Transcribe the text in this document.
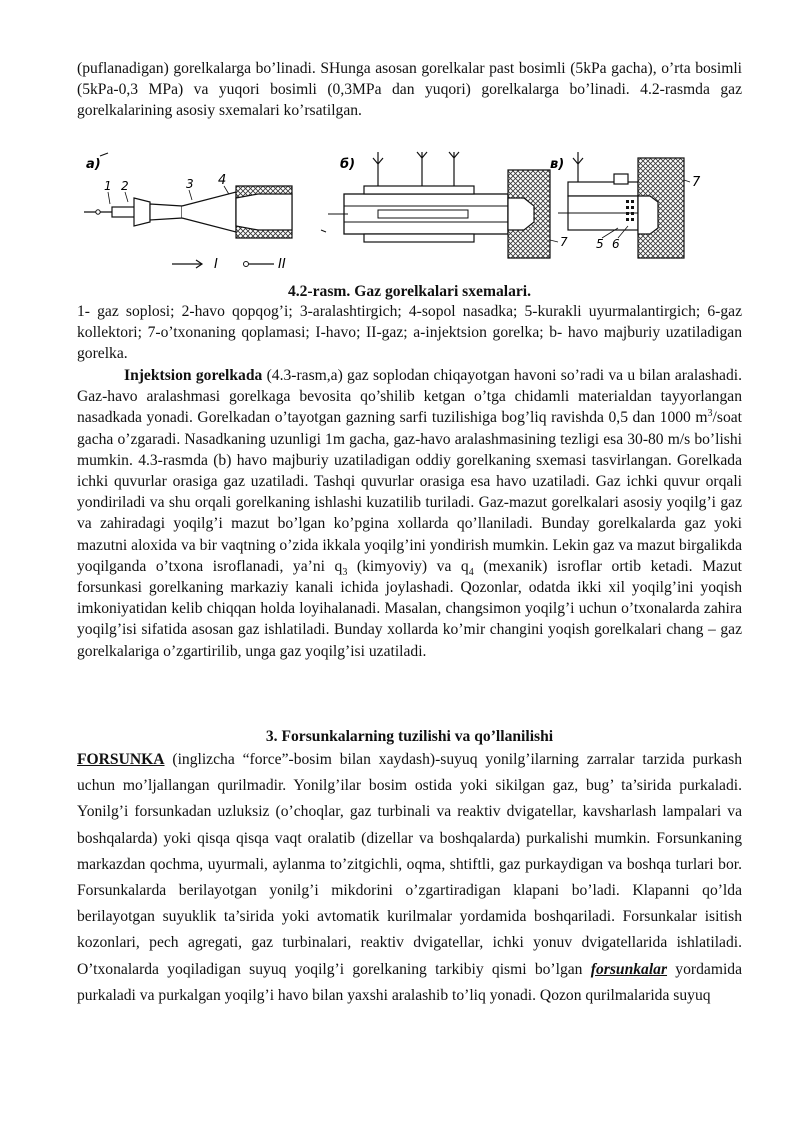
(puflanadigan) gorelkalarga bo’linadi. SHunga asosan gorelkalar past bosimli (5kPa gacha), o’rta bosimli (5kPa-0,3 MPa) va yuqori bosimli (0,3MPa dan yuqori) gorelkalarga bo’linadi. 4.2-rasmda gaz gorelkalarining asosiy sxemalari ko’rsatilgan.

a)
1 2	3 4
I	II
б)
7
в)
7
5 6
4.2-rasm. Gaz gorelkalari sxemalari.

1- gaz soplosi; 2-havo qopqog’i; 3-aralashtirgich; 4-sopol nasadka; 5-kurakli uyurmalantirgich; 6-gaz kollektori; 7-o’txonaning qoplamasi; I-havo; II-gaz; a-injektsion gorelka; b- havo majburiy uzatiladigan gorelka.

Injektsion gorelkada (4.3-rasm,a) gaz soplodan chiqayotgan havoni so’radi va u bilan aralashadi. Gaz-havo aralashmasi gorelkaga bevosita qo’shilib ketgan o’tga chidamli materialdan tayyorlangan nasadkada yonadi. Gorelkadan o’tayotgan gazning sarfi tuzilishiga bog’liq ravishda 0,5 dan 1000 $m^3$/soat gacha o’zgaradi. Nasadkaning uzunligi 1m gacha, gaz-havo aralashmasining tezligi esa 30-80 m/s bo’lishi mumkin. 4.3-rasmda (b) havo majburiy uzatiladigan oddiy gorelkaning sxemasi tasvirlangan. Gorelkada ichki quvurlar orasiga gaz uzatiladi. Tashqi quvurlar orasiga esa havo uzatiladi. Gaz ichki quvur orqali yondiriladi va shu orqali gorelkaning ishlashi kuzatilib turiladi. Gaz-mazut gorelkalari asosiy yoqilg’i gaz va zahiradagi yoqilg’i mazut bo’lgan ko’pgina xollarda qo’llaniladi. Bunday gorelkalarda gaz yoki mazutni aloxida va bir vaqtning o’zida ikkala yoqilg’ini yondirish mumkin. Lekin gaz va mazut birgalikda yoqilganda o’txona isroflanadi, ya’ni $q_3$ (kimyoviy) va $q_4$ (mexanik) isroflar ortib ketadi. Mazut forsunkasi gorelkaning markaziy kanali ichida joylashadi. Qozonlar, odatda ikki xil yoqilg’ini yoqish imkoniyatidan kelib chiqqan holda loyihalanadi. Masalan, changsimon yoqilg’i uchun o’txonalarda zahira yoqilg’isi sifatida asosan gaz ishlatiladi. Bunday xollarda ko’mir changini yoqish gorelkalari chang – gaz gorelkalariga o’zgartirilib, unga gaz yoqilg’isi uzatiladi.

3. Forsunkalarning tuzilishi va qo’llanilishi

FORSUNKA (inglizcha “force”-bosim bilan xaydash)-suyuq yonilg’ilarning zarralar tarzida purkash uchun mo’ljallangan qurilmadir. Yonilg’ilar bosim ostida yoki sikilgan gaz, bug’ ta’sirida purkaladi. Yonilg’i forsunkadan uzluksiz (o’choqlar, gaz turbinali va reaktiv dvigatellar, kavsharlash lampalari va boshqalarda) yoki qisqa qisqa vaqt oralatib (dizellar va boshqalarda) purkalishi mumkin. Forsunkaning markazdan qochma, uyurmali, aylanma to’zitgichli, oqma, shtiftli, gaz purkaydigan va boshqa turlari bor. Forsunkalarda berilayotgan yonilg’i mikdorini o’zgartiradigan klapani bo’ladi. Klapanni qo’lda berilayotgan suyuklik ta’sirida yoki avtomatik kurilmalar yordamida boshqariladi. Forsunkalar isitish kozonlari, pech agregati, gaz turbinalari, reaktiv dvigatellar, ichki yonuv dvigatellarida ishlatiladi. O’txonalarda yoqiladigan suyuq yoqilg’i gorelkaning tarkibiy qismi bo’lgan forsunkalar yordamida purkaladi va purkalgan yoqilg’i havo bilan yaxshi aralashib to’liq yonadi. Qozon qurilmalarida suyuq
